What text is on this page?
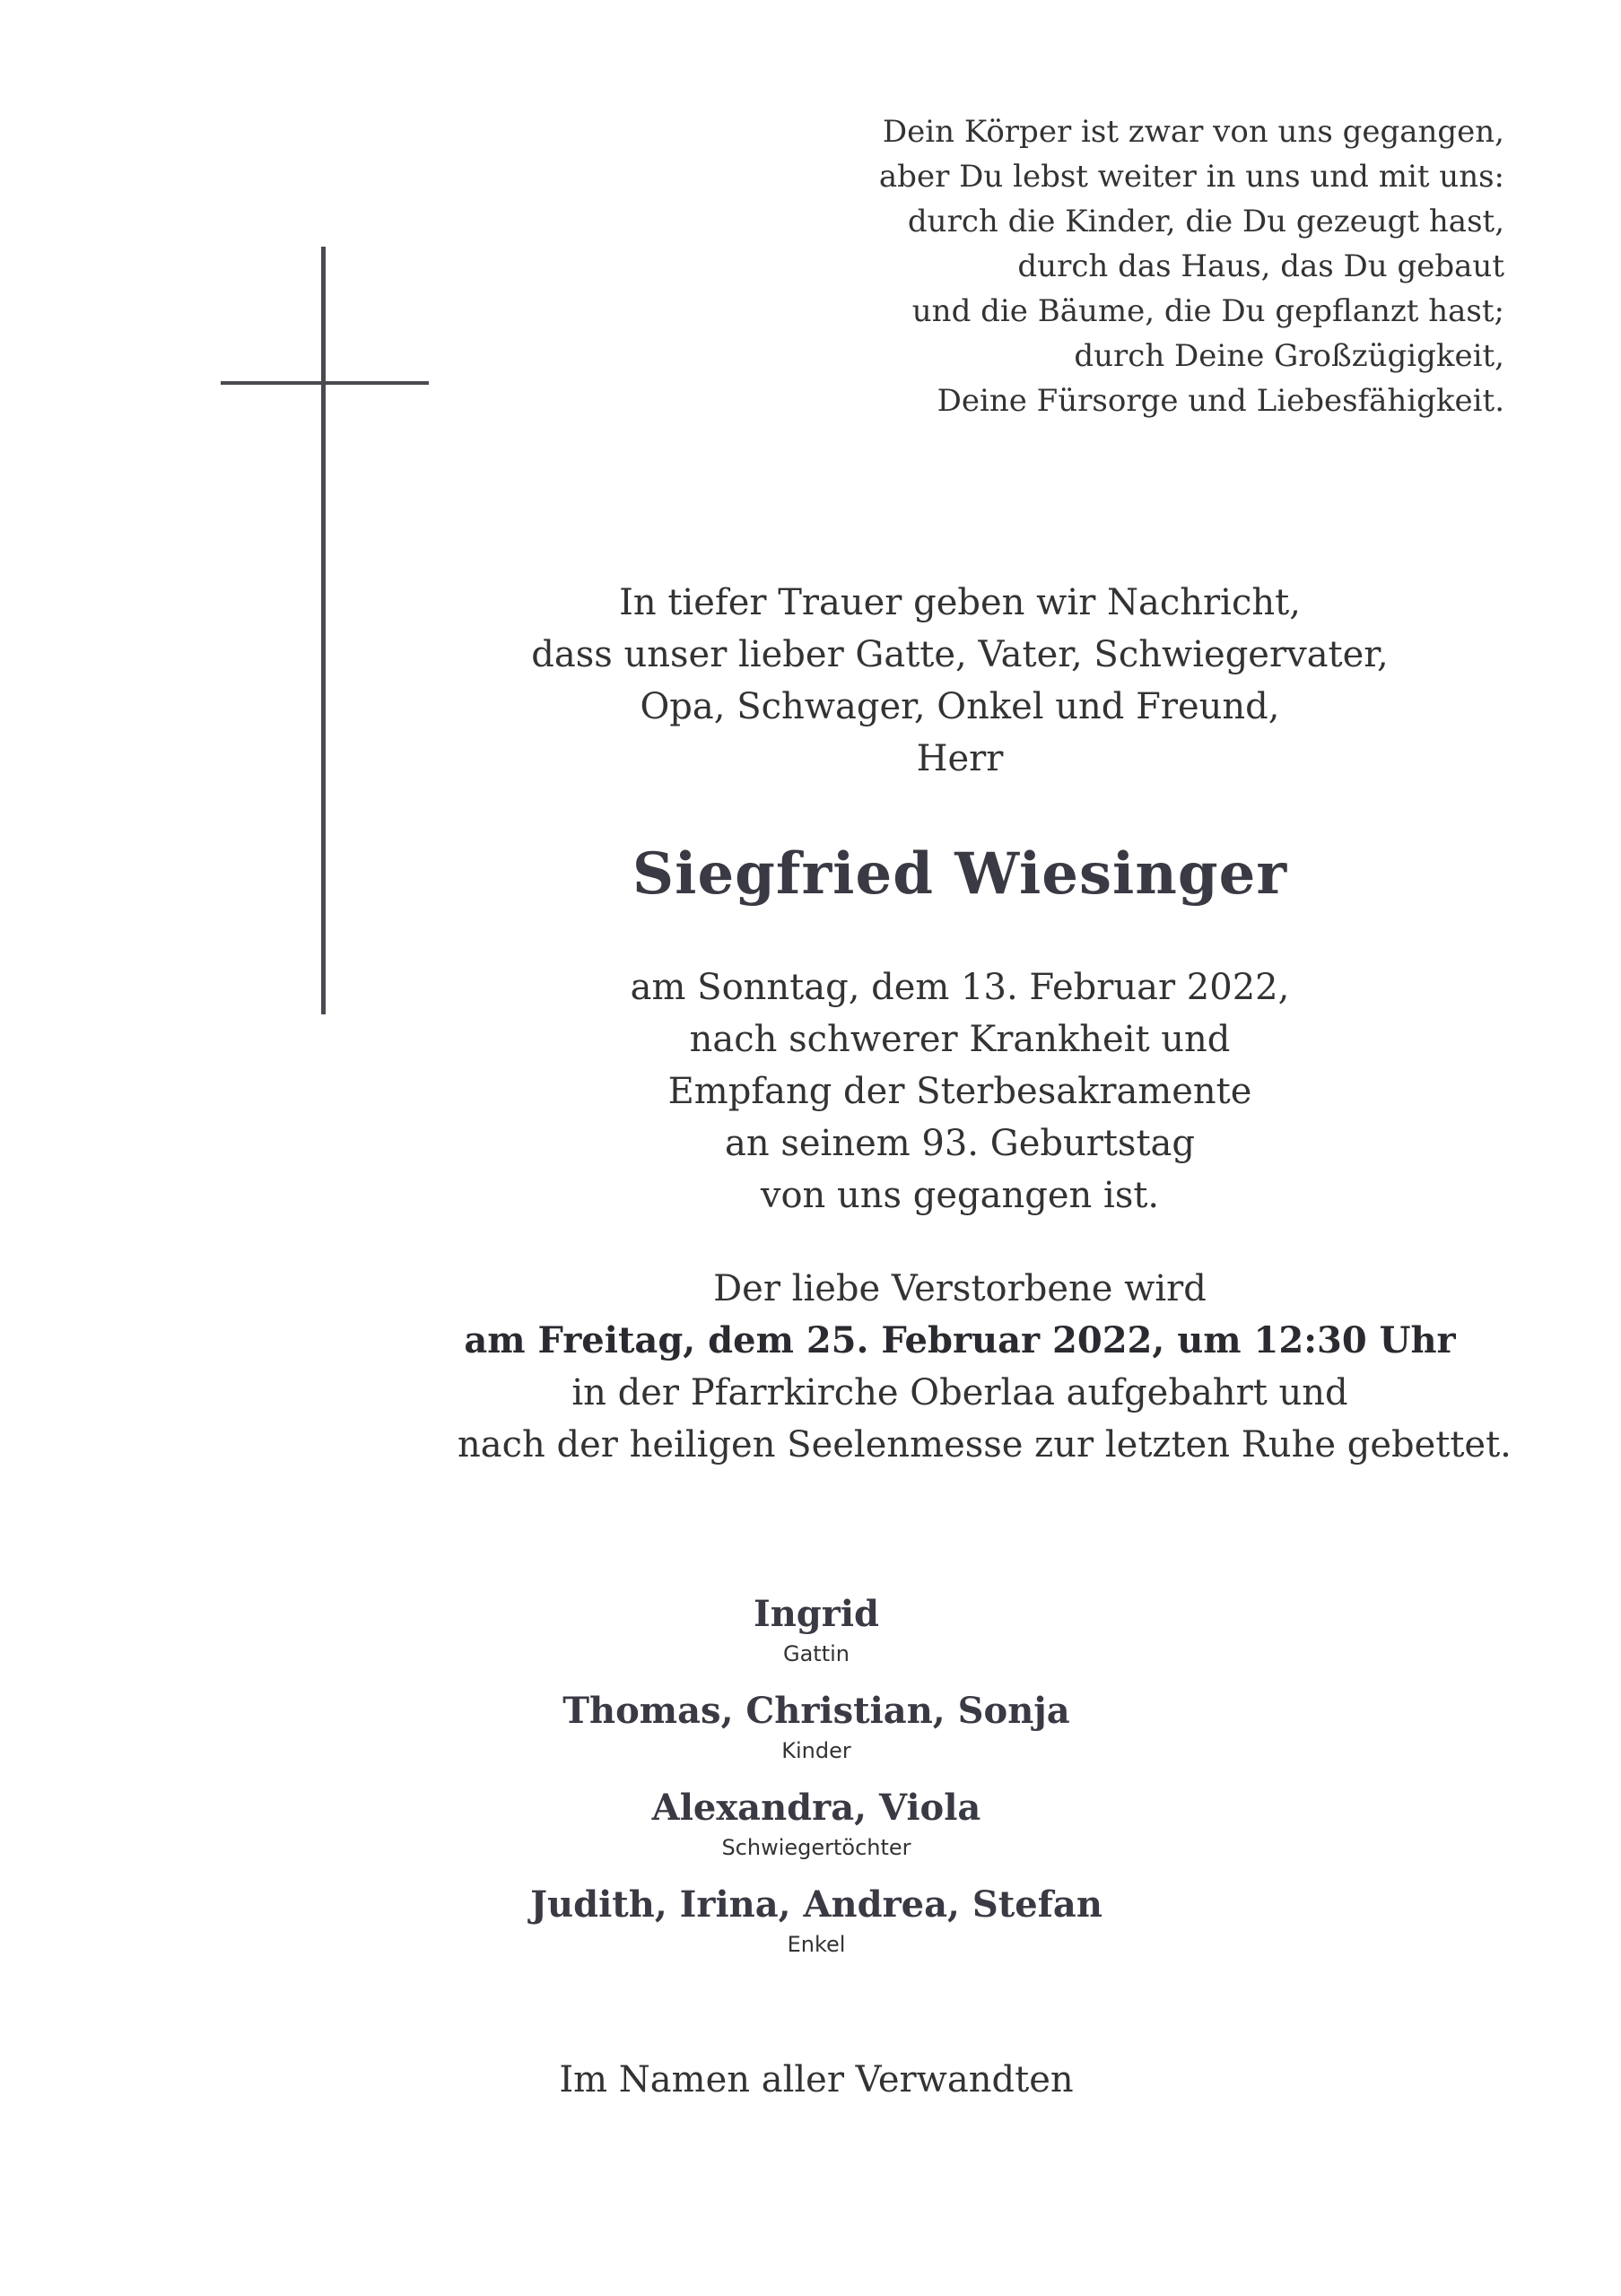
Dein Körper ist zwar von uns gegangen,
aber Du lebst weiter in uns und mit uns:
durch die Kinder, die Du gezeugt hast,
durch das Haus, das Du gebaut
und die Bäume, die Du gepflanzt hast;
durch Deine Großzügigkeit,
Deine Fürsorge und Liebesfähigkeit.
In tiefer Trauer geben wir Nachricht,
dass unser lieber Gatte, Vater, Schwiegervater,
Opa, Schwager, Onkel und Freund,
Herr
Siegfried Wiesinger
am Sonntag, dem 13. Februar 2022,
nach schwerer Krankheit und
Empfang der Sterbesakramente
an seinem 93. Geburtstag
von uns gegangen ist.
Der liebe Verstorbene wird
am Freitag, dem 25. Februar 2022, um 12:30 Uhr
in der Pfarrkirche Oberlaa aufgebahrt und
nach der heiligen Seelenmesse zur letzten Ruhe gebettet.
Ingrid
Gattin
Thomas, Christian, Sonja
Kinder
Alexandra, Viola
Schwiegertöchter
Judith, Irina, Andrea, Stefan
Enkel
Im Namen aller Verwandten
